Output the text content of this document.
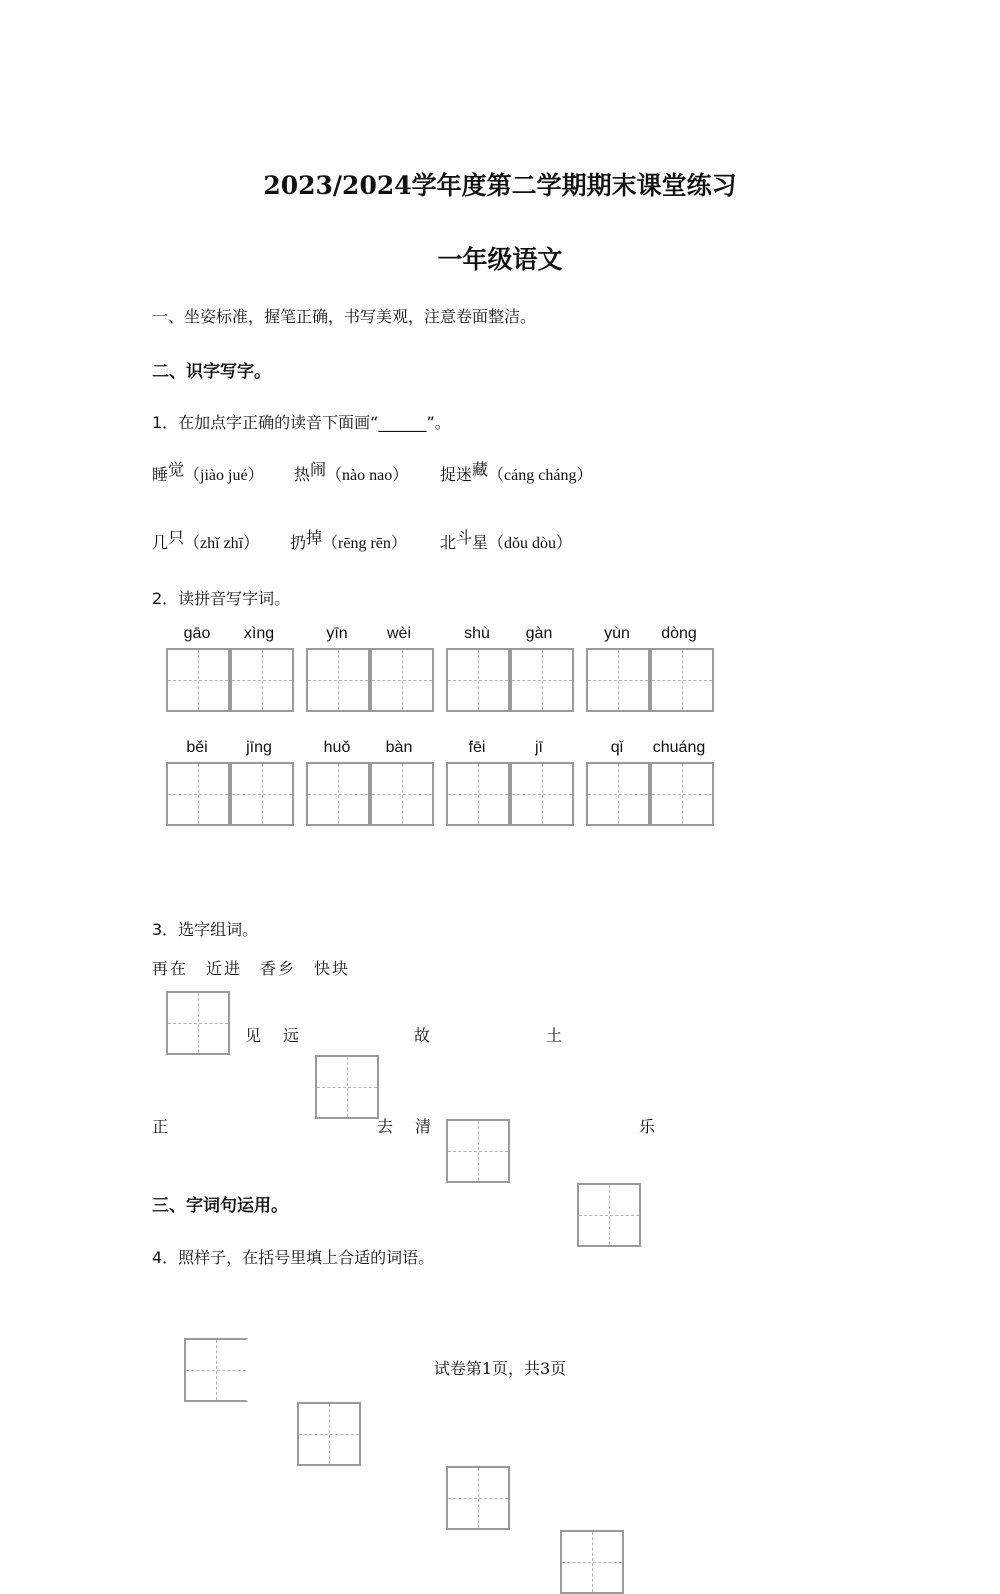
2023/2024学年度第二学期期末课堂练习
一年级语文
一、坐姿标准，握笔正确，书写美观，注意卷面整洁。
二、识字写字。
1．在加点字正确的读音下面画“______”。
睡觉（jiào jué） 热闹（nào nao） 捉迷藏（cáng cháng）
几只（zhǐ zhī） 扔掉（rēng rēn） 北斗星（dǒu dòu）
2．读拼音写字词。
gāo	xìng	yīn	wèi	shù	gàn	yùn	dòng
běi	jīng	huǒ	bàn	fēi	jī	qǐ	chuáng
3．选字组词。
再在　近进　香乡　快块
见 远	故	土
正	去 清	乐
三、字词句运用。
4．照样子，在括号里填上合适的词语。
试卷第1页，共3页
